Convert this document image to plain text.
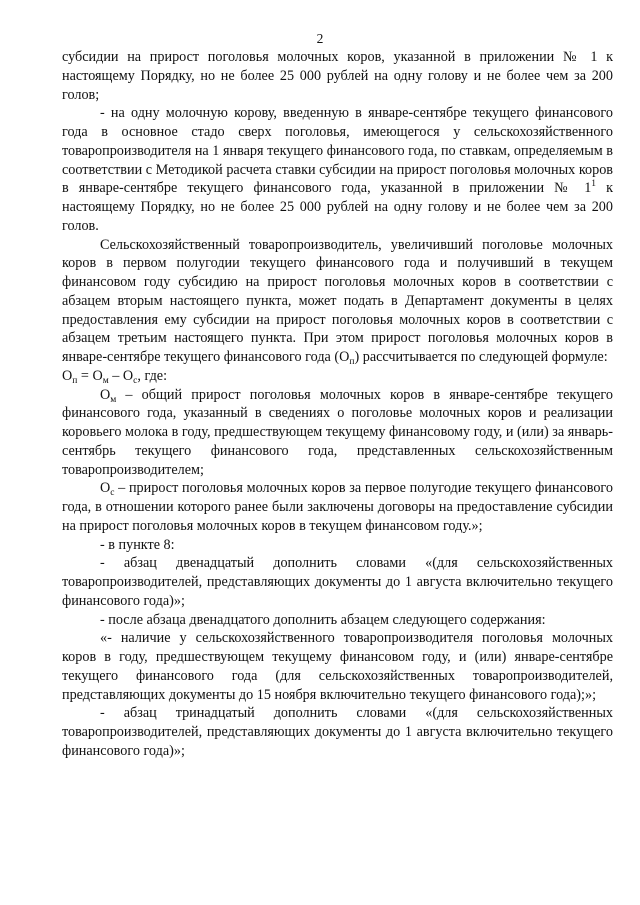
2

субсидии на прирост поголовья молочных коров, указанной в приложении № 1 к настоящему Порядку, но не более 25 000 рублей на одну голову и не более чем за 200 голов;

- на одну молочную корову, введенную в январе-сентябре текущего финансового года в основное стадо сверх поголовья, имеющегося у сельскохозяйственного товаропроизводителя на 1 января текущего финансового года, по ставкам, определяемым в соответствии с Методикой расчета ставки субсидии на прирост поголовья молочных коров в январе-сентябре текущего финансового года, указанной в приложении № $1^1$ к настоящему Порядку, но не более 25 000 рублей на одну голову и не более чем за 200 голов.

Сельскохозяйственный товаропроизводитель, увеличивший поголовье молочных коров в первом полугодии текущего финансового года и получивший в текущем финансовом году субсидию на прирост поголовья молочных коров в соответствии с абзацем вторым настоящего пункта, может подать в Департамент документы в целях предоставления ему субсидии на прирост поголовья молочных коров в соответствии с абзацем третьим настоящего пункта. При этом прирост поголовья молочных коров в январе-сентябре текущего финансового года $(О_п)$ рассчитывается по следующей формуле:

$О_п = О_м - О_с$, где:

$О_м$ – общий прирост поголовья молочных коров в январе-сентябре текущего финансового года, указанный в сведениях о поголовье молочных коров и реализации коровьего молока в году, предшествующем текущему финансовому году, и (или) за январь-сентябрь текущего финансового года, представленных сельскохозяйственным товаропроизводителем;

$О_с$ – прирост поголовья молочных коров за первое полугодие текущего финансового года, в отношении которого ранее были заключены договоры на предоставление субсидии на прирост поголовья молочных коров в текущем финансовом году.»;

- в пункте 8:

- абзац двенадцатый дополнить словами «(для сельскохозяйственных товаропроизводителей, представляющих документы до 1 августа включительно текущего финансового года)»;

- после абзаца двенадцатого дополнить абзацем следующего содержания:

«- наличие у сельскохозяйственного товаропроизводителя поголовья молочных коров в году, предшествующем текущему финансовом году, и (или) январе-сентябре текущего финансового года (для сельскохозяйственных товаропроизводителей, представляющих документы до 15 ноября включительно текущего финансового года);»;

- абзац тринадцатый дополнить словами «(для сельскохозяйственных товаропроизводителей, представляющих документы до 1 августа включительно текущего финансового года)»;
